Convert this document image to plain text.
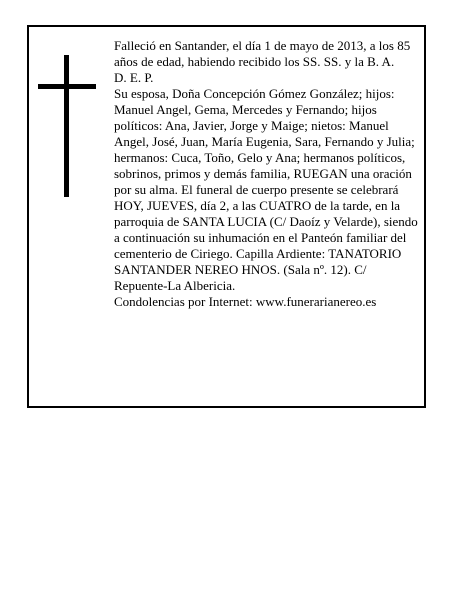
Falleció en Santander, el día 1 de mayo de 2013, a los 85 años de edad, habiendo recibido los SS. SS. y la B. A.

D. E. P.

Su esposa, Doña Concepción Gómez González; hijos: Manuel Angel, Gema, Mercedes y Fernando; hijos políticos: Ana, Javier, Jorge y Maige; nietos: Manuel Angel, José, Juan, María Eugenia, Sara, Fernando y Julia; hermanos: Cuca, Toño, Gelo y Ana; hermanos políticos, sobrinos, primos y demás familia, RUEGAN una oración por su alma. El funeral de cuerpo presente se celebrará HOY, JUEVES, día 2, a las CUATRO de la tarde, en la parroquia de SANTA LUCIA (C/ Daoíz y Velarde), siendo a continuación su inhumación en el Panteón familiar del cementerio de Ciriego. Capilla Ardiente: TANATORIO SANTANDER NEREO HNOS. (Sala nº. 12). C/ Repuente-La Albericia.

Condolencias por Internet: www.funerarianereo.es
